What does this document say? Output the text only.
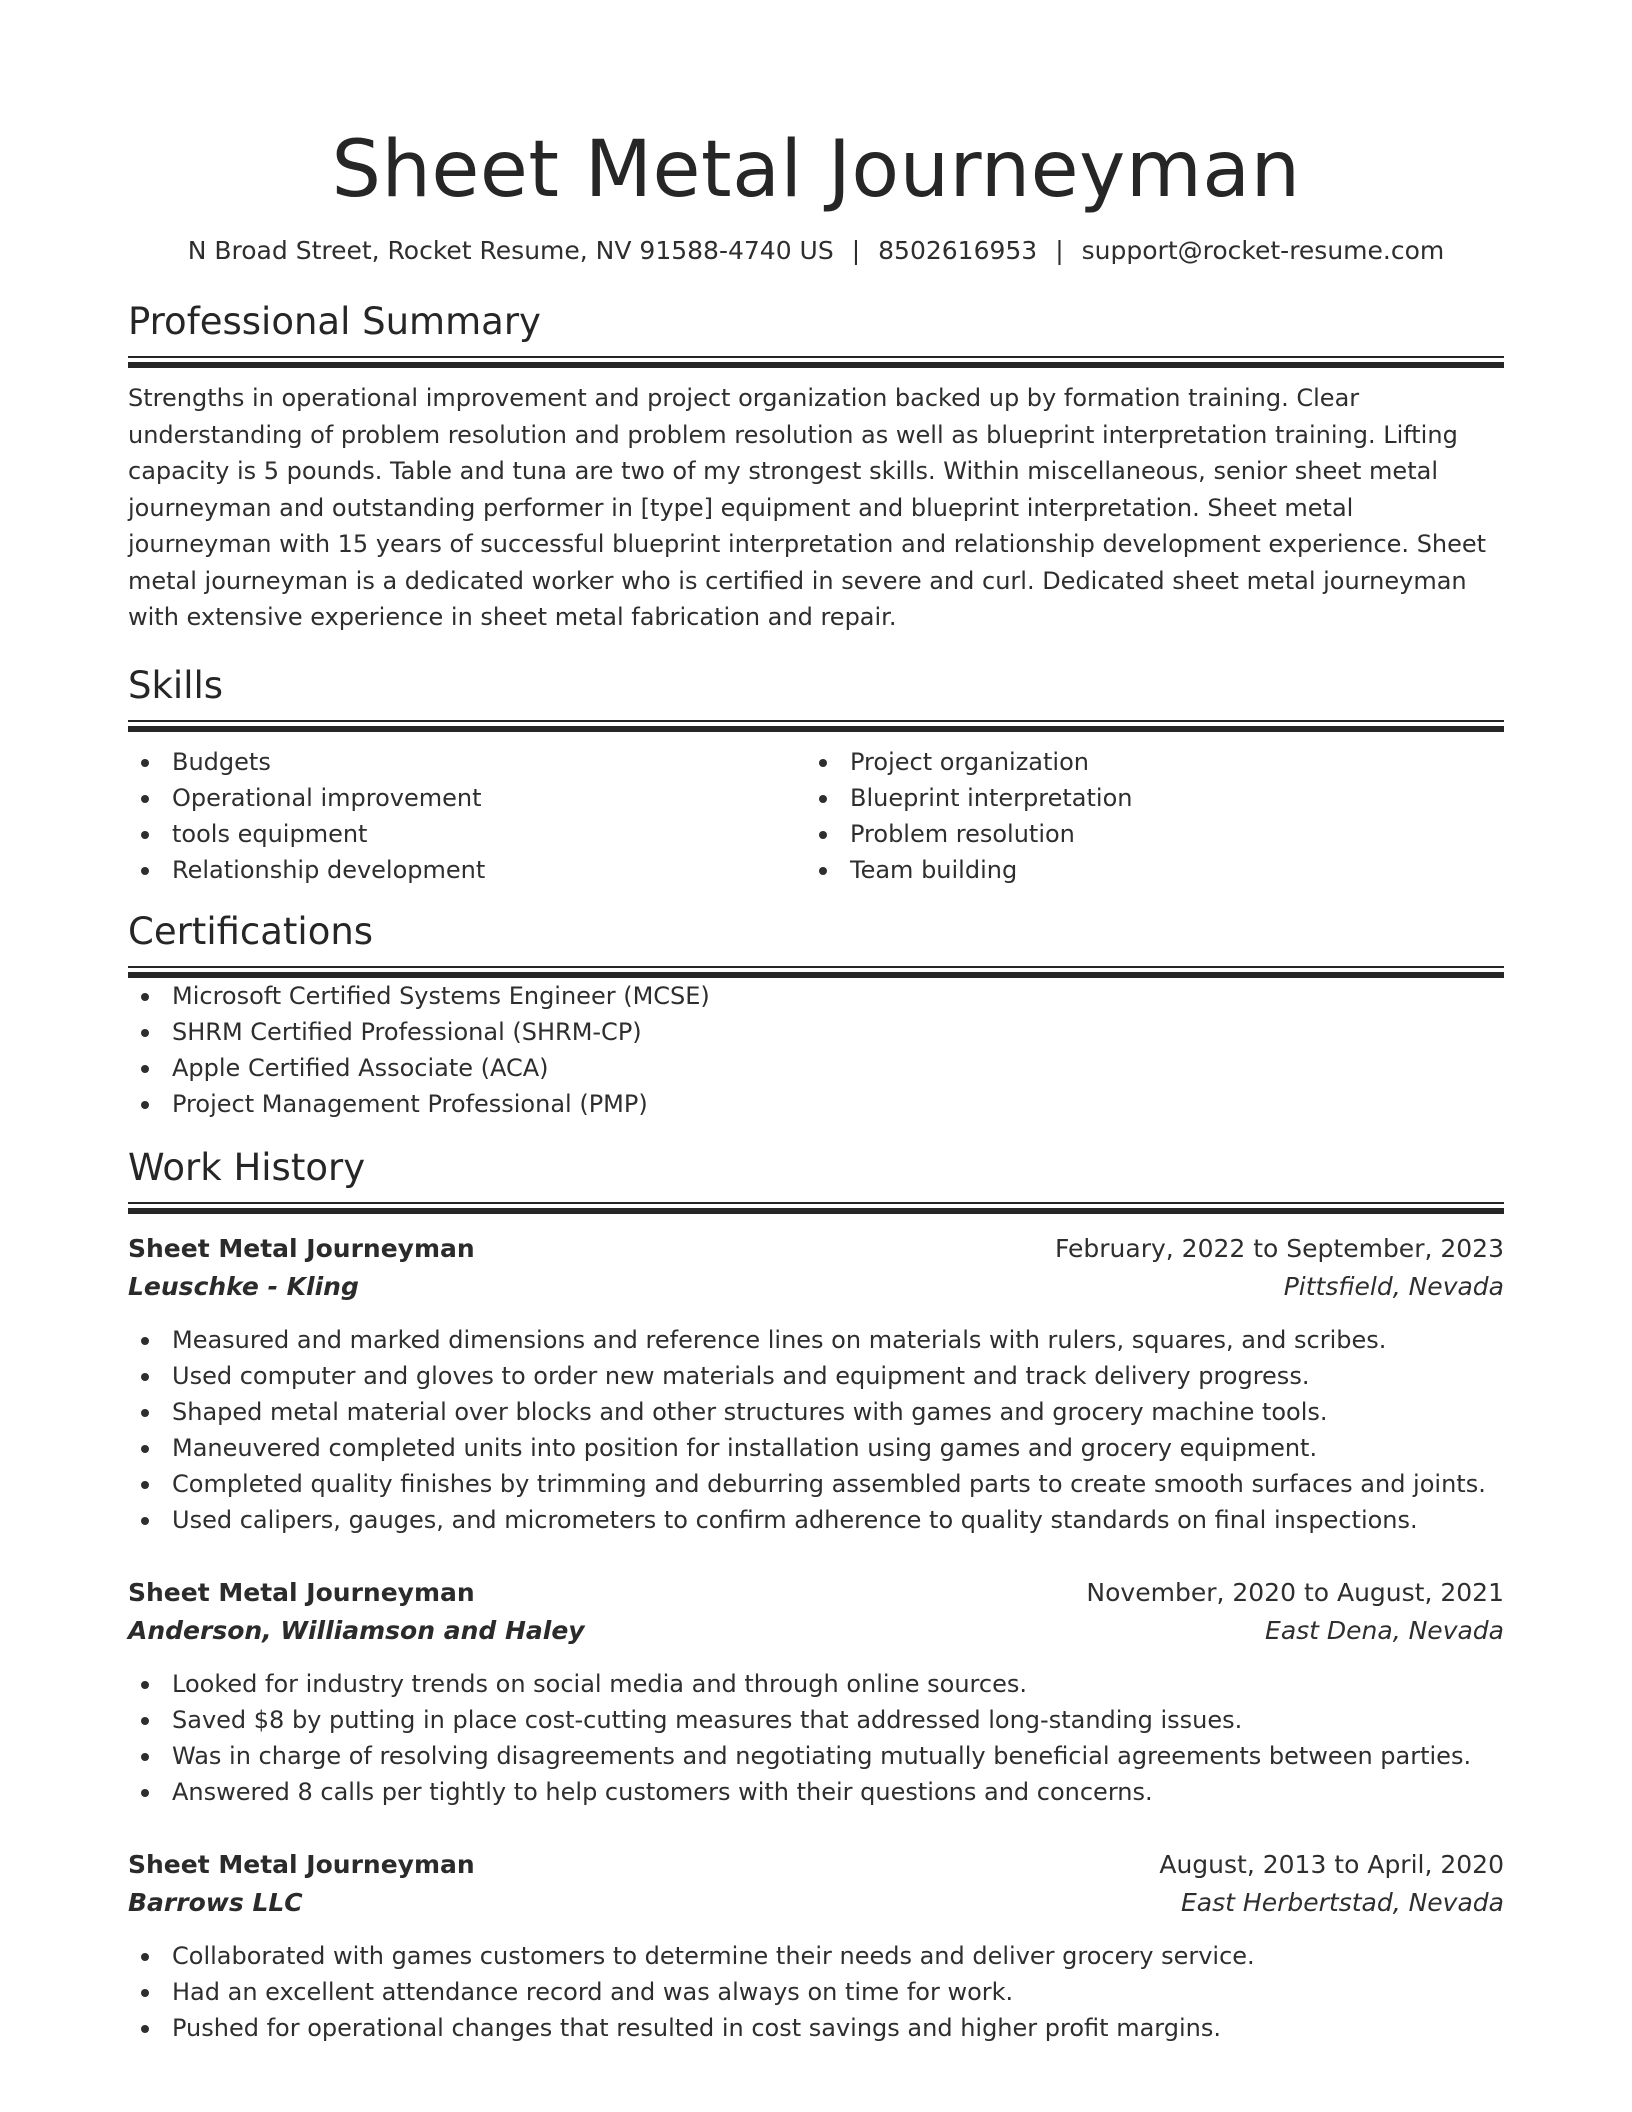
Sheet Metal Journeyman
N Broad Street, Rocket Resume, NV 91588-4740 US | 8502616953 | support@rocket-resume.com
Professional Summary

Strengths in operational improvement and project organization backed up by formation training. Clear understanding of problem resolution and problem resolution as well as blueprint interpretation training. Lifting capacity is 5 pounds. Table and tuna are two of my strongest skills. Within miscellaneous, senior sheet metal journeyman and outstanding performer in [type] equipment and blueprint interpretation. Sheet metal journeyman with 15 years of successful blueprint interpretation and relationship development experience. Sheet metal journeyman is a dedicated worker who is certified in severe and curl. Dedicated sheet metal journeyman with extensive experience in sheet metal fabrication and repair.

Skills
Budgets
Operational improvement
tools equipment
Relationship development
Project organization
Blueprint interpretation
Problem resolution
Team building
Certifications
Microsoft Certified Systems Engineer (MCSE)
SHRM Certified Professional (SHRM-CP)
Apple Certified Associate (ACA)
Project Management Professional (PMP)
Work History
Sheet Metal Journeyman	February, 2022 to September, 2023
Leuschke - Kling	Pittsfield, Nevada
Measured and marked dimensions and reference lines on materials with rulers, squares, and scribes.
Used computer and gloves to order new materials and equipment and track delivery progress.
Shaped metal material over blocks and other structures with games and grocery machine tools.
Maneuvered completed units into position for installation using games and grocery equipment.
Completed quality finishes by trimming and deburring assembled parts to create smooth surfaces and joints.
Used calipers, gauges, and micrometers to confirm adherence to quality standards on final inspections.
Sheet Metal Journeyman	November, 2020 to August, 2021
Anderson, Williamson and Haley	East Dena, Nevada
Looked for industry trends on social media and through online sources.
Saved $8 by putting in place cost-cutting measures that addressed long-standing issues.
Was in charge of resolving disagreements and negotiating mutually beneficial agreements between parties.
Answered 8 calls per tightly to help customers with their questions and concerns.
Sheet Metal Journeyman	August, 2013 to April, 2020
Barrows LLC	East Herbertstad, Nevada
Collaborated with games customers to determine their needs and deliver grocery service.
Had an excellent attendance record and was always on time for work.
Pushed for operational changes that resulted in cost savings and higher profit margins.
